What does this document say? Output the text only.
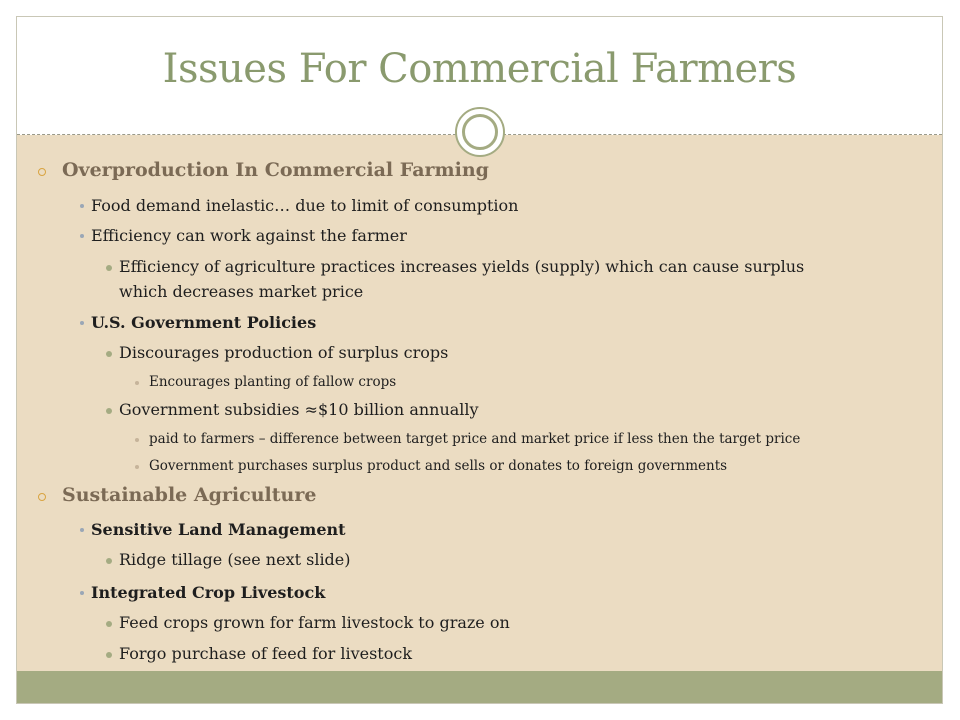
Issues For Commercial Farmers
Overproduction In Commercial Farming
Food demand inelastic… due to limit of consumption
Efficiency can work against the farmer
Efficiency of agriculture practices increases yields (supply) which can cause surplus
which decreases market price
U.S. Government Policies
Discourages production of surplus crops
Encourages planting of fallow crops
Government subsidies ≈$10 billion annually
paid to farmers – difference between target price and market price if less then the target price
Government purchases surplus product and sells or donates to foreign governments
Sustainable Agriculture
Sensitive Land Management
Ridge tillage (see next slide)
Integrated Crop Livestock
Feed crops grown for farm livestock to graze on
Forgo purchase of feed for livestock
